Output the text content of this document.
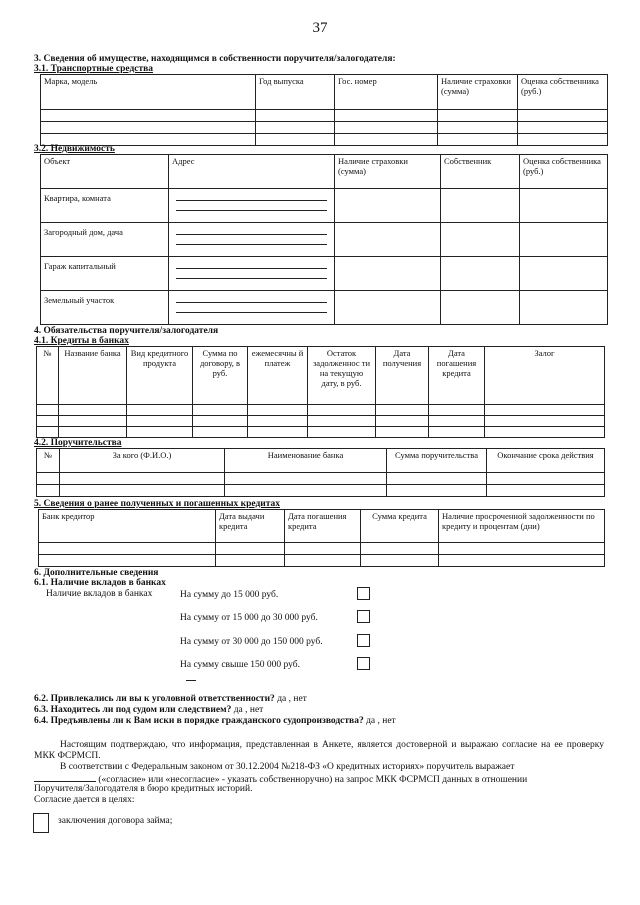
37
3. Сведения об имуществе, находящимся в собственности поручителя/залогодателя:
3.1. Транспортные средства
Марка, модель	Год выпуска	Гос. номер	Наличие страховки (сумма)	Оценка собственника (руб.)

3.2. Недвижимость
Объект	Адрес	Наличие страховки (сумма)	Собственник	Оценка собственника (руб.)
Квартира, комната	

Загородный дом, дача	

Гараж капитальный	

Земельный участок	

4. Обязательства поручителя/залогодателя
4.1. Кредиты в банках
№	Название банка	Вид кредитного продукта	Сумма по договору, в руб.	ежемесячны й платеж	Остаток задолженнос ти на текущую дату, в руб.	Дата получения	Дата погашения кредита	Залог

4.2. Поручительства
№	За кого (Ф.И.О.)	Наименование банка	Сумма поручительства	Окончание срока действия

5. Сведения о ранее полученных и погашенных кредитах
Банк кредитор	Дата выдачи кредита	Дата погашения кредита	Сумма кредита	Наличие просроченной задолженности по кредиту и процентам (дни)

6. Дополнительные сведения
6.1. Наличие вкладов в банках
Наличие вкладов в банках	На сумму до 15 000 руб.
На сумму от 15 000 до 30 000 руб.
На сумму от 30 000 до 150 000 руб.
На сумму свыше 150 000 руб.
6.2. Привлекались ли вы к уголовной ответственности? да , нет
6.3. Находитесь ли под судом или следствием? да , нет
6.4. Предъявлены ли к Вам иски в порядке гражданского судопроизводства? да , нет
Настоящим подтверждаю, что информация, представленная в Анкете, является достоверной и выражаю согласие на ее проверку МКК ФСРМСП.
В соответствии с Федеральным законом от 30.12.2004 №218-ФЗ «О кредитных историях» поручитель выражает
(«согласие» или «несогласие» - указать собственноручно) на запрос МКК ФСРМСП данных в отношении
Поручителя/Залогодателя в бюро кредитных историй.
Согласие дается в целях:
заключения договора займа;
